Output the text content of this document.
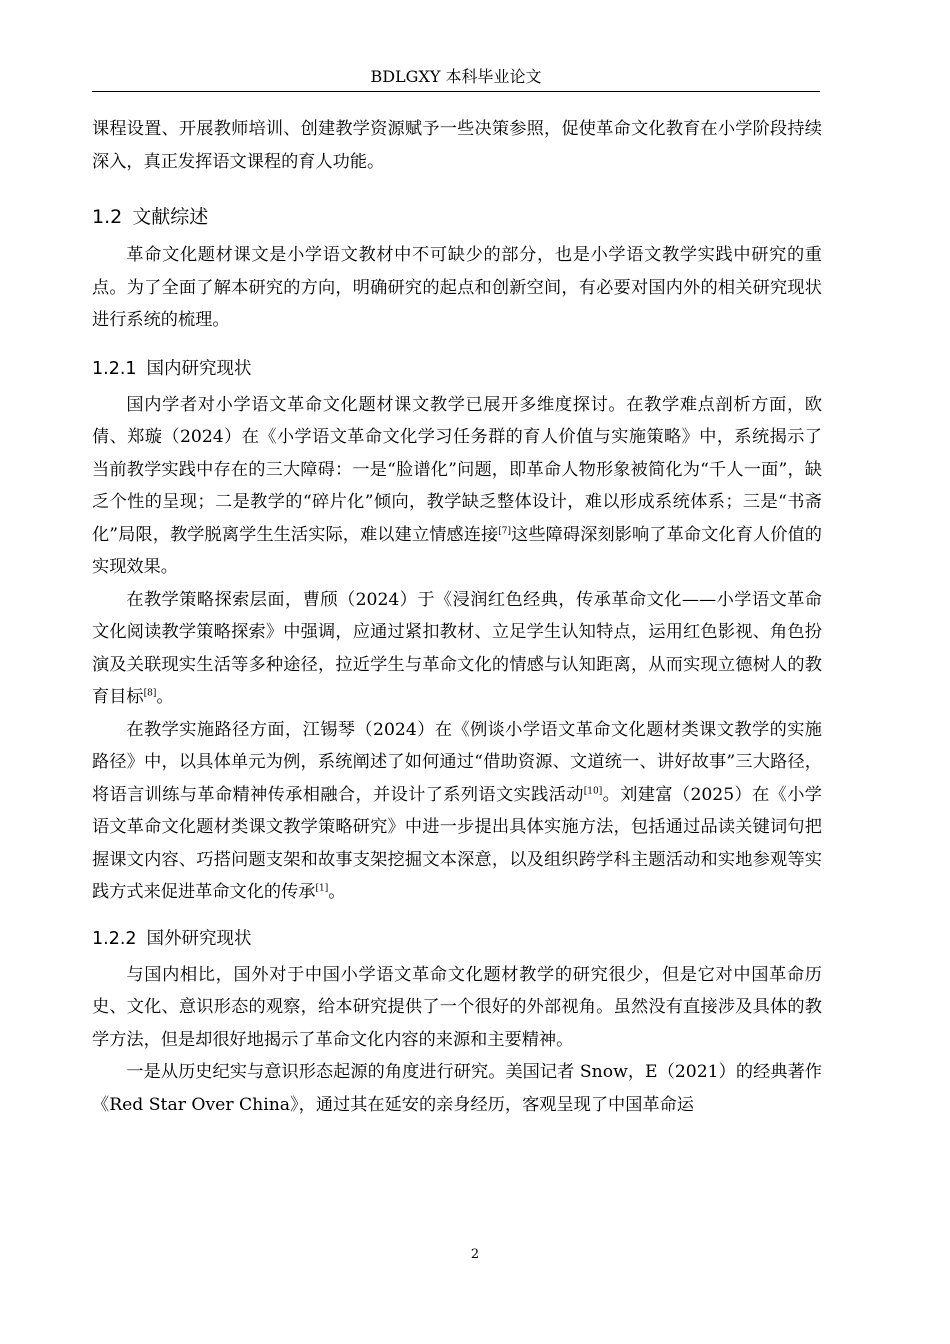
BDLGXY 本科毕业论文

课程设置、开展教师培训、创建教学资源赋予一些决策参照，促使革命文化教育在小学阶段持续深入，真正发挥语文课程的育人功能。

1.2 文献综述

革命文化题材课文是小学语文教材中不可缺少的部分，也是小学语文教学实践中研究的重点。为了全面了解本研究的方向，明确研究的起点和创新空间，有必要对国内外的相关研究现状进行系统的梳理。

1.2.1 国内研究现状

国内学者对小学语文革命文化题材课文教学已展开多维度探讨。在教学难点剖析方面，欧倩、郑璇（2024）在《小学语文革命文化学习任务群的育人价值与实施策略》中，系统揭示了当前教学实践中存在的三大障碍：一是“脸谱化”问题，即革命人物形象被简化为“千人一面”，缺乏个性的呈现；二是教学的“碎片化”倾向，教学缺乏整体设计，难以形成系统体系；三是“书斋化”局限，教学脱离学生生活实际，难以建立情感连接[7]这些障碍深刻影响了革命文化育人价值的实现效果。

在教学策略探索层面，曹颀（2024）于《浸润红色经典，传承革命文化——小学语文革命文化阅读教学策略探索》中强调，应通过紧扣教材、立足学生认知特点，运用红色影视、角色扮演及关联现实生活等多种途径，拉近学生与革命文化的情感与认知距离，从而实现立德树人的教育目标[8]。

在教学实施路径方面，江锡琴（2024）在《例谈小学语文革命文化题材类课文教学的实施路径》中，以具体单元为例，系统阐述了如何通过“借助资源、文道统一、讲好故事”三大路径，将语言训练与革命精神传承相融合，并设计了系列语文实践活动[10]。刘建富（2025）在《小学语文革命文化题材类课文教学策略研究》中进一步提出具体实施方法，包括通过品读关键词句把握课文内容、巧搭问题支架和故事支架挖掘文本深意，以及组织跨学科主题活动和实地参观等实践方式来促进革命文化的传承[1]。

1.2.2 国外研究现状

与国内相比，国外对于中国小学语文革命文化题材教学的研究很少，但是它对中国革命历史、文化、意识形态的观察，给本研究提供了一个很好的外部视角。虽然没有直接涉及具体的教学方法，但是却很好地揭示了革命文化内容的来源和主要精神。

一是从历史纪实与意识形态起源的角度进行研究。美国记者 Snow，E（2021）的经典著作《Red Star Over China》，通过其在延安的亲身经历，客观呈现了中国革命运

2
